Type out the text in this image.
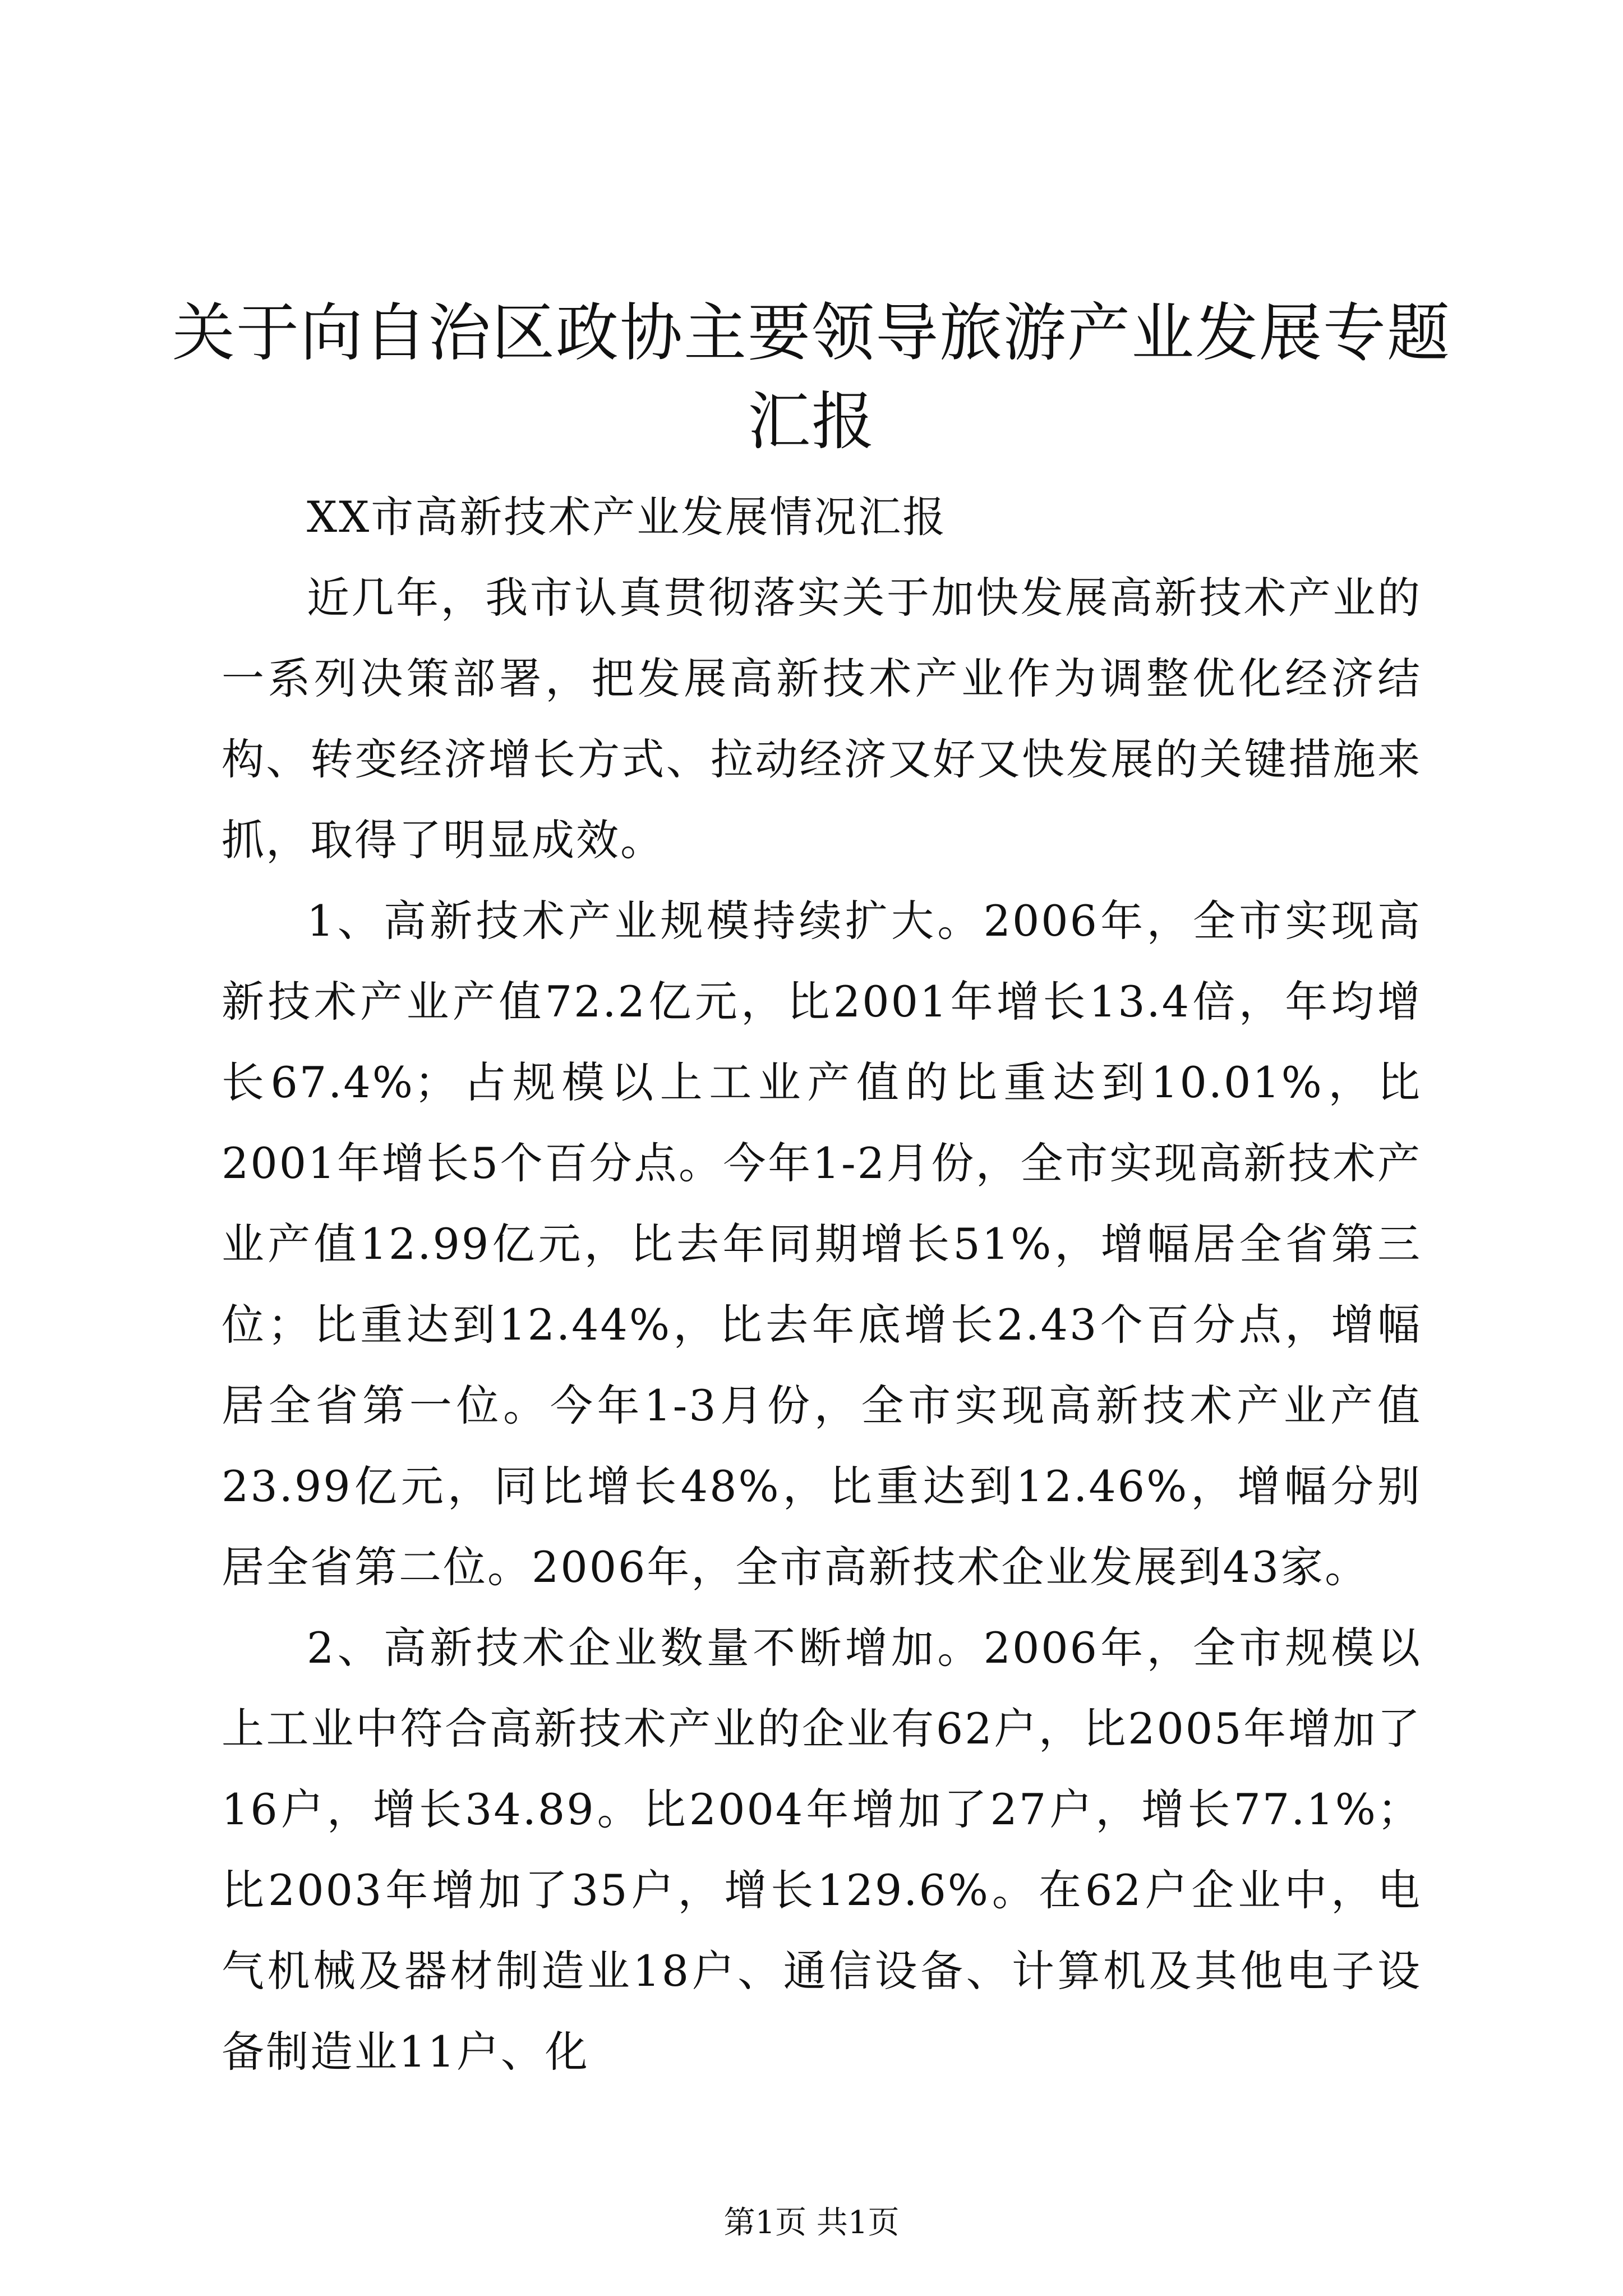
关于向自治区政协主要领导旅游产业发展专题汇报

XX市高新技术产业发展情况汇报

近几年，我市认真贯彻落实关于加快发展高新技术产业的一系列决策部署，把发展高新技术产业作为调整优化经济结构、转变经济增长方式、拉动经济又好又快发展的关键措施来抓，取得了明显成效。

1、高新技术产业规模持续扩大。2006年，全市实现高新技术产业产值72.2亿元，比2001年增长13.4倍，年均增长67.4%；占规模以上工业产值的比重达到10.01%，比2001年增长5个百分点。今年1-2月份，全市实现高新技术产业产值12.99亿元，比去年同期增长51%，增幅居全省第三位；比重达到12.44%，比去年底增长2.43个百分点，增幅居全省第一位。今年1-3月份，全市实现高新技术产业产值23.99亿元，同比增长48%，比重达到12.46%，增幅分别居全省第二位。2006年，全市高新技术企业发展到43家。

2、高新技术企业数量不断增加。2006年，全市规模以上工业中符合高新技术产业的企业有62户，比2005年增加了16户，增长34.89。比2004年增加了27户，增长77.1%；比2003年增加了35户，增长129.6%。在62户企业中，电气机械及器材制造业18户、通信设备、计算机及其他电子设备制造业11户、化

第1页 共1页
